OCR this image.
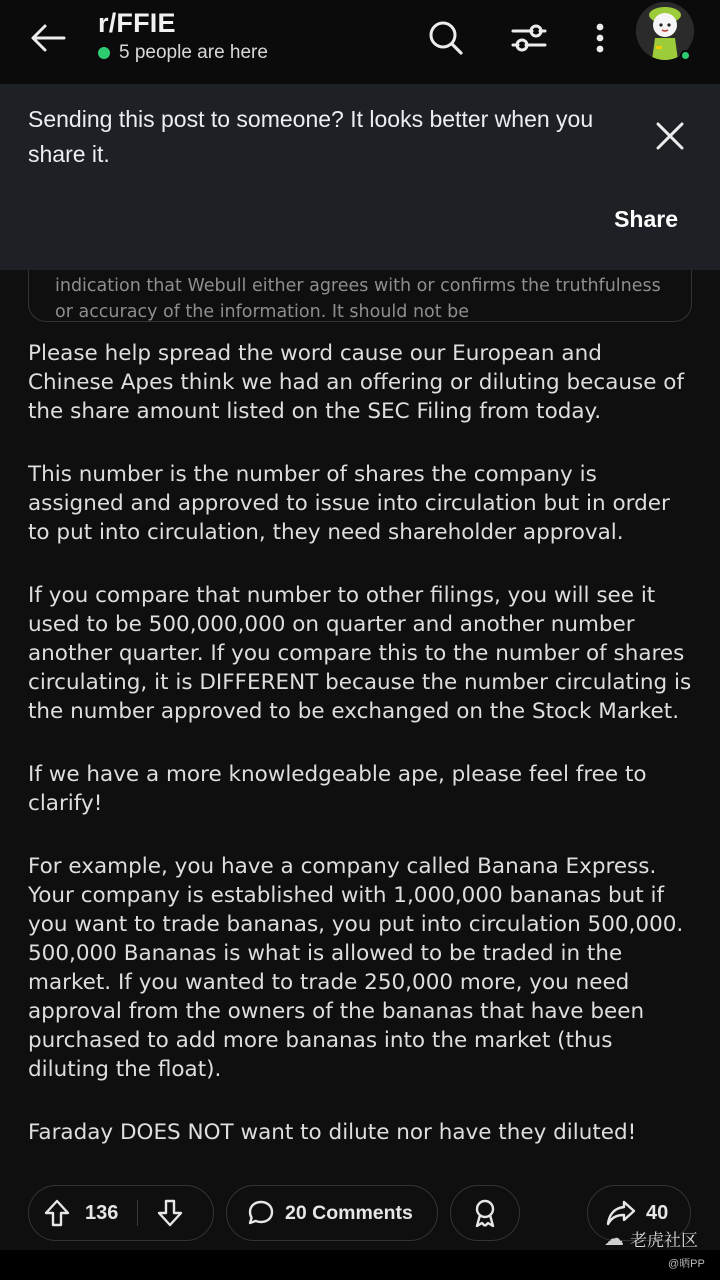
r/FFIE
5 people are here
indication that Webull either agrees with or confirms the truthfulness or accuracy of the information. It should not be
Sending this post to someone? It looks better when you share it.
Share

Please help spread the word cause our European and Chinese Apes think we had an offering or diluting because of the share amount listed on the SEC Filing from today.

This number is the number of shares the company is assigned and approved to issue into circulation but in order to put into circulation, they need shareholder approval.

If you compare that number to other filings, you will see it used to be 500,000,000 on quarter and another number another quarter. If you compare this to the number of shares circulating, it is DIFFERENT because the number circulating is the number approved to be exchanged on the Stock Market.

If we have a more knowledgeable ape, please feel free to clarify!

For example, you have a company called Banana Express. Your company is established with 1,000,000 bananas but if you want to trade bananas, you put into circulation 500,000. 500,000 Bananas is what is allowed to be traded in the market. If you wanted to trade 250,000 more, you need approval from the owners of the bananas that have been purchased to add more bananas into the market (thus diluting the float).

Faraday DOES NOT want to dilute nor have they diluted!

136	20 Comments	40
☁ 老虎社区
@晒PP
